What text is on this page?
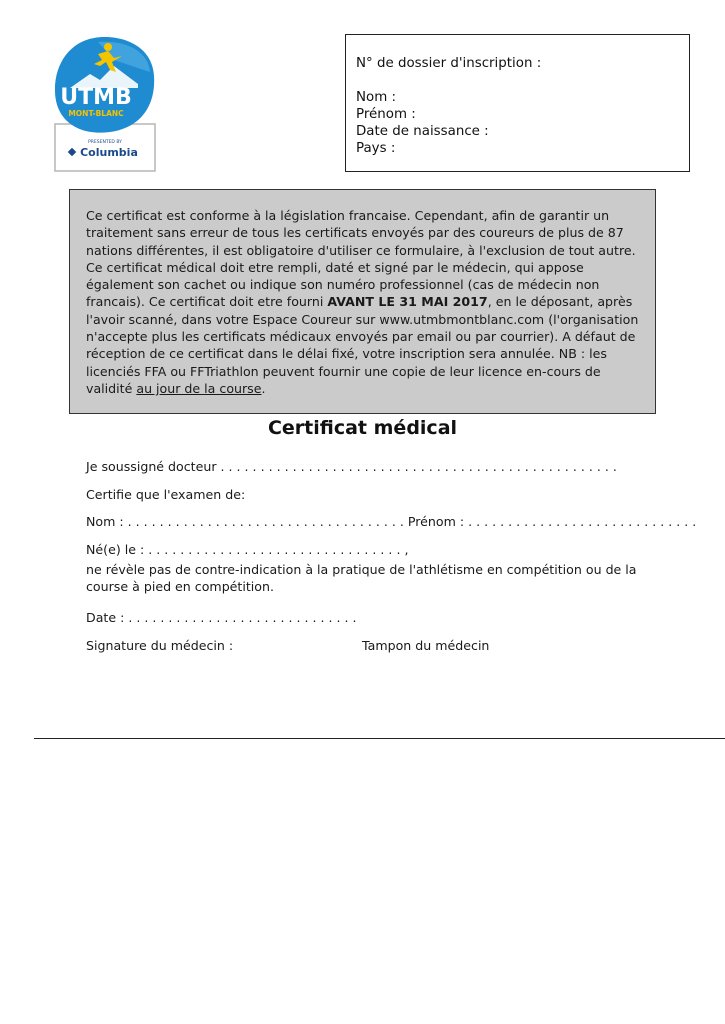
UTMB
MONT-BLANC
PRESENTED BY
Columbia
N° de dossier d'inscription :
Nom :
Prénom :
Date de naissance :
Pays :
Ce certificat est conforme à la législation francaise. Cependant, afin de garantir un traitement sans erreur de tous les certificats envoyés par des coureurs de plus de 87 nations différentes, il est obligatoire d'utiliser ce formulaire, à l'exclusion de tout autre. Ce certificat médical doit etre rempli, daté et signé par le médecin, qui appose également son cachet ou indique son numéro professionnel (cas de médecin non francais). Ce certificat doit etre fourni AVANT LE 31 MAI 2017, en le déposant, après l'avoir scanné, dans votre Espace Coureur sur www.utmbmontblanc.com (l'organisation n'accepte plus les certificats médicaux envoyés par email ou par courrier). A défaut de réception de ce certificat dans le délai fixé, votre inscription sera annulée. NB : les licenciés FFA ou FFTriathlon peuvent fournir une copie de leur licence en-cours de validité au jour de la course.
Certificat médical
Je soussigné docteur . . . . . . . . . . . . . . . . . . . . . . . . . . . . . . . . . . . . . . . . . . . . . . . . . .
Certifie que l'examen de:
Nom : . . . . . . . . . . . . . . . . . . . . . . . . . . . . . . . . . . . Prénom : . . . . . . . . . . . . . . . . . . . . . . . . . . . . .
Né(e) le : . . . . . . . . . . . . . . . . . . . . . . . . . . . . . . . . ,
ne révèle pas de contre-indication à la pratique de l'athlétisme en compétition ou de la
course à pied en compétition.
Date : . . . . . . . . . . . . . . . . . . . . . . . . . . . . .
Signature du médecin :	Tampon du médecin
